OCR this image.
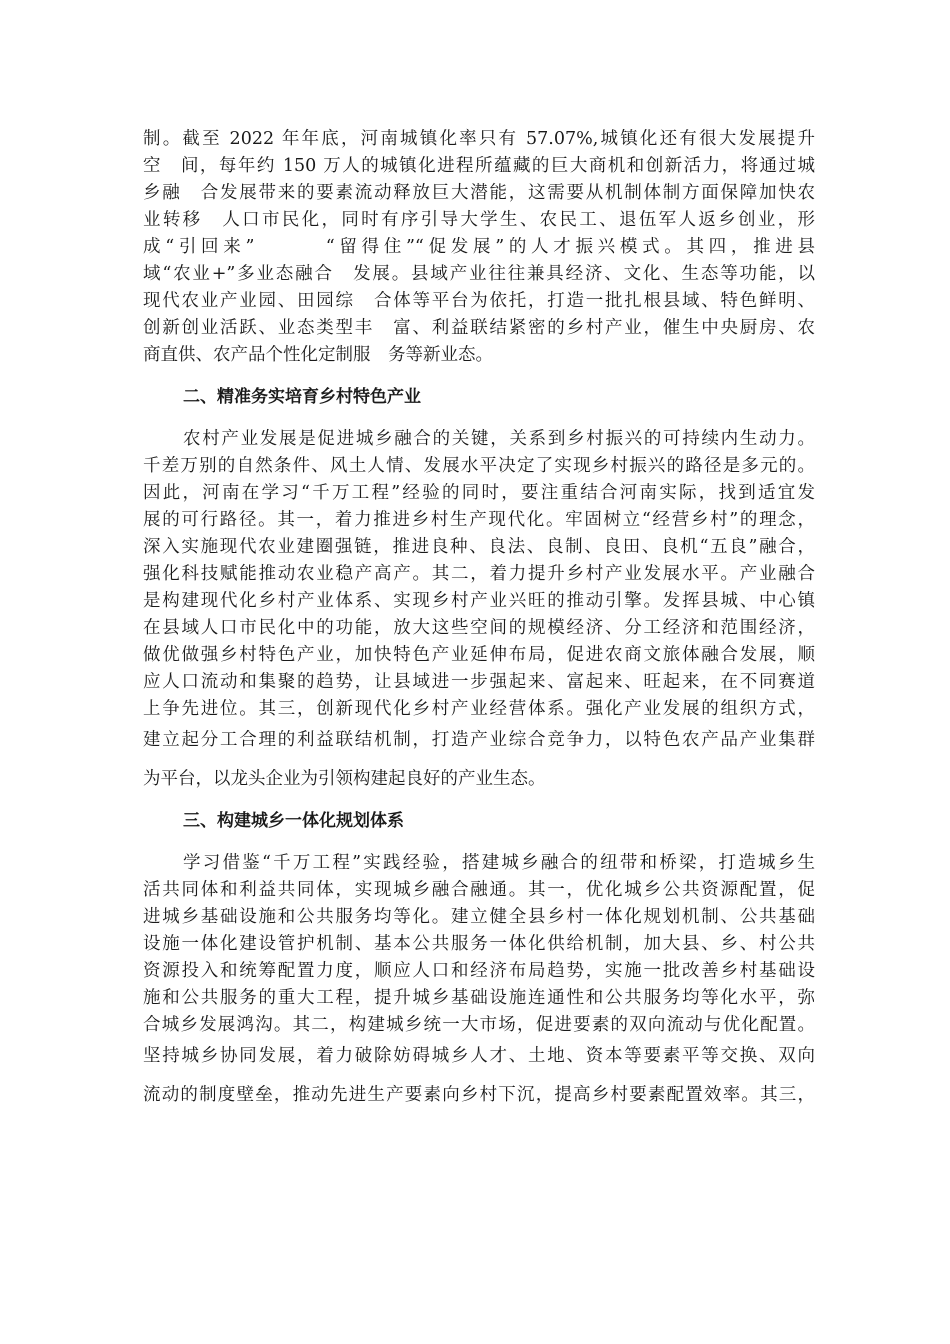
制。截至 2022 年年底，河南城镇化率只有 57.07%,城镇化还有很大发展提升
空　间，每年约 150 万人的城镇化进程所蕴藏的巨大商机和创新活力，将通过城
乡融　合发展带来的要素流动释放巨大潜能，这需要从机制体制方面保障加快农
业转移　人口市民化，同时有序引导大学生、农民工、退伍军人返乡创业，形
成“引回来”　　　“留得住”“促发展”的人才振兴模式。其四，推进县
域“农业+”多业态融合　发展。县域产业往往兼具经济、文化、生态等功能，以
现代农业产业园、田园综　合体等平台为依托，打造一批扎根县域、特色鲜明、
创新创业活跃、业态类型丰　富、利益联结紧密的乡村产业，催生中央厨房、农
商直供、农产品个性化定制服　务等新业态。
二、精准务实培育乡村特色产业
农村产业发展是促进城乡融合的关键，关系到乡村振兴的可持续内生动力。
千差万别的自然条件、风土人情、发展水平决定了实现乡村振兴的路径是多元的。
因此，河南在学习“千万工程”经验的同时，要注重结合河南实际，找到适宜发
展的可行路径。其一，着力推进乡村生产现代化。牢固树立“经营乡村”的理念，
深入实施现代农业建圈强链，推进良种、良法、良制、良田、良机“五良”融合，
强化科技赋能推动农业稳产高产。其二，着力提升乡村产业发展水平。产业融合
是构建现代化乡村产业体系、实现乡村产业兴旺的推动引擎。发挥县城、中心镇
在县域人口市民化中的功能，放大这些空间的规模经济、分工经济和范围经济，
做优做强乡村特色产业，加快特色产业延伸布局，促进农商文旅体融合发展，顺
应人口流动和集聚的趋势，让县域进一步强起来、富起来、旺起来，在不同赛道
上争先进位。其三，创新现代化乡村产业经营体系。强化产业发展的组织方式，
建立起分工合理的利益联结机制，打造产业综合竞争力，以特色农产品产业集群
为平台，以龙头企业为引领构建起良好的产业生态。
三、构建城乡一体化规划体系
学习借鉴“千万工程”实践经验，搭建城乡融合的纽带和桥梁，打造城乡生
活共同体和利益共同体，实现城乡融合融通。其一，优化城乡公共资源配置，促
进城乡基础设施和公共服务均等化。建立健全县乡村一体化规划机制、公共基础
设施一体化建设管护机制、基本公共服务一体化供给机制，加大县、乡、村公共
资源投入和统筹配置力度，顺应人口和经济布局趋势，实施一批改善乡村基础设
施和公共服务的重大工程，提升城乡基础设施连通性和公共服务均等化水平，弥
合城乡发展鸿沟。其二，构建城乡统一大市场，促进要素的双向流动与优化配置。
坚持城乡协同发展，着力破除妨碍城乡人才、土地、资本等要素平等交换、双向
流动的制度壁垒，推动先进生产要素向乡村下沉，提高乡村要素配置效率。其三，
